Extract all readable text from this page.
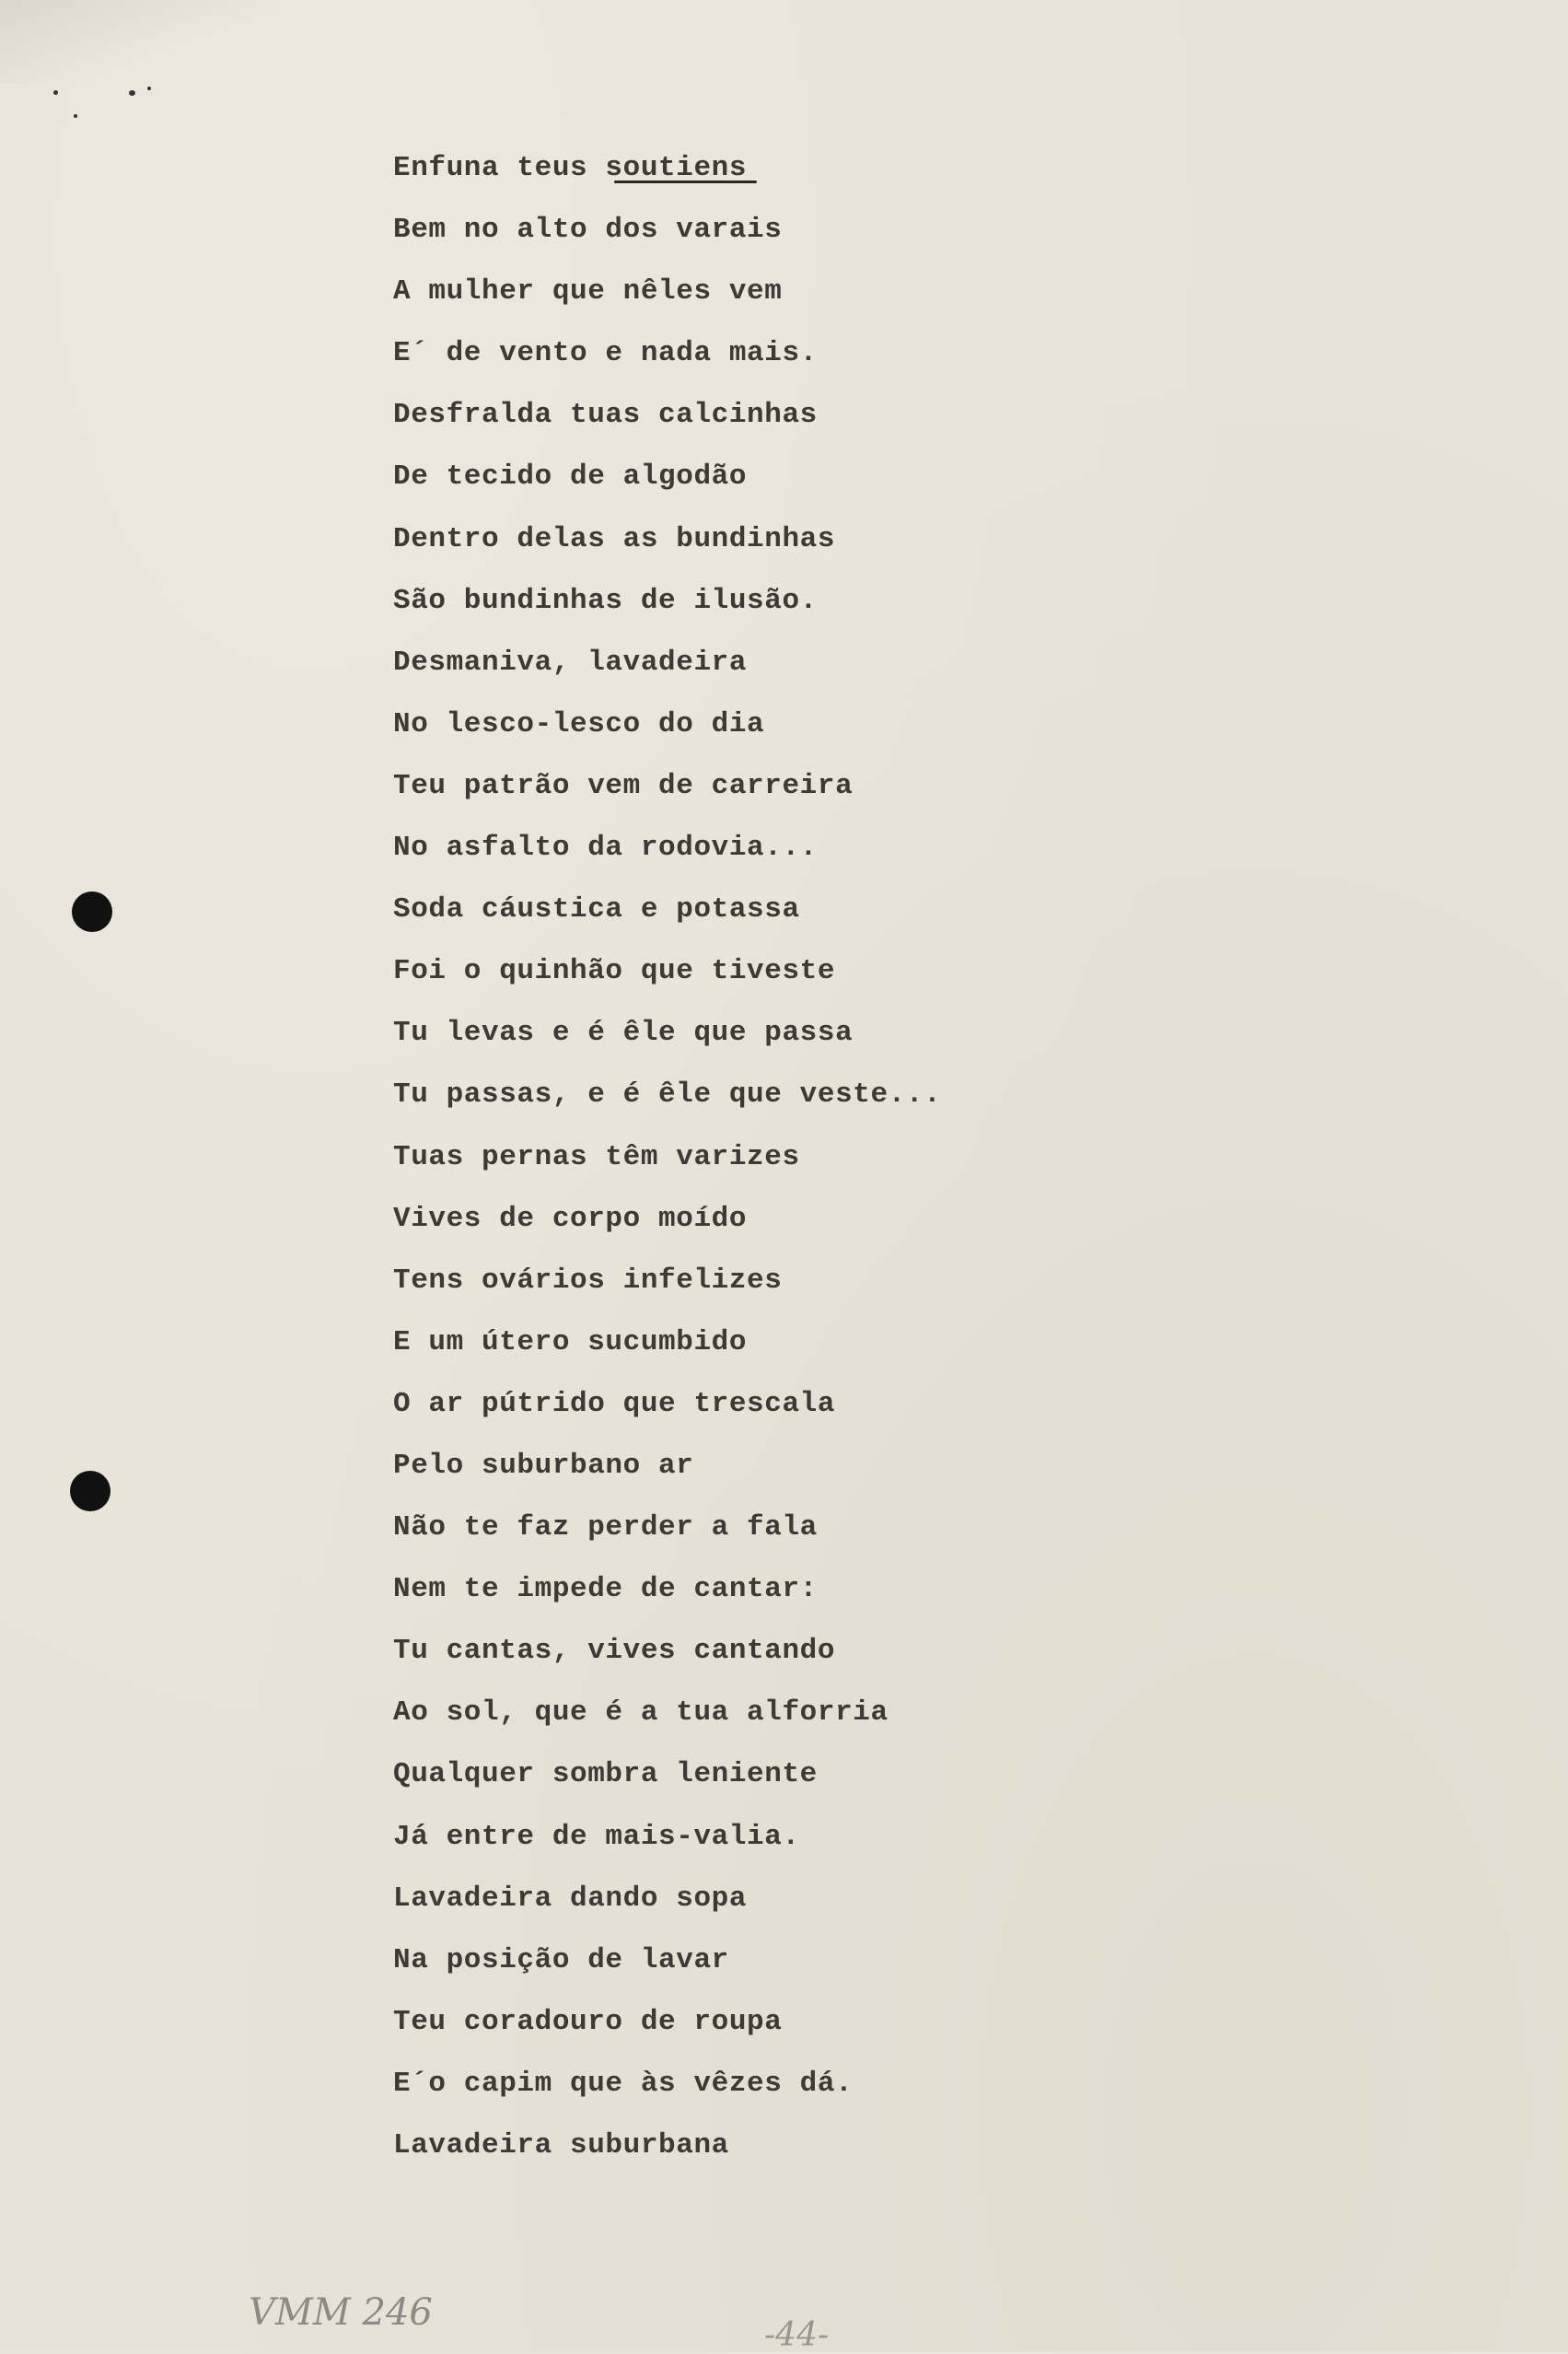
Enfuna teus soutiens
Bem no alto dos varais
A mulher que nêles vem
E´ de vento e nada mais.
Desfralda tuas calcinhas
De tecido de algodão
Dentro delas as bundinhas
São bundinhas de ilusão.
Desmaniva, lavadeira
No lesco-lesco do dia
Teu patrão vem de carreira
No asfalto da rodovia...
Soda cáustica e potassa
Foi o quinhão que tiveste
Tu levas e é êle que passa
Tu passas, e é êle que veste...
Tuas pernas têm varizes
Vives de corpo moído
Tens ovários infelizes
E um útero sucumbido
O ar pútrido que trescala
Pelo suburbano ar
Não te faz perder a fala
Nem te impede de cantar:
Tu cantas, vives cantando
Ao sol, que é a tua alforria
Qualquer sombra leniente
Já entre de mais-valia.
Lavadeira dando sopa
Na posição de lavar
Teu coradouro de roupa
E´o capim que às vêzes dá.
Lavadeira suburbana
VMM 246
-44-
